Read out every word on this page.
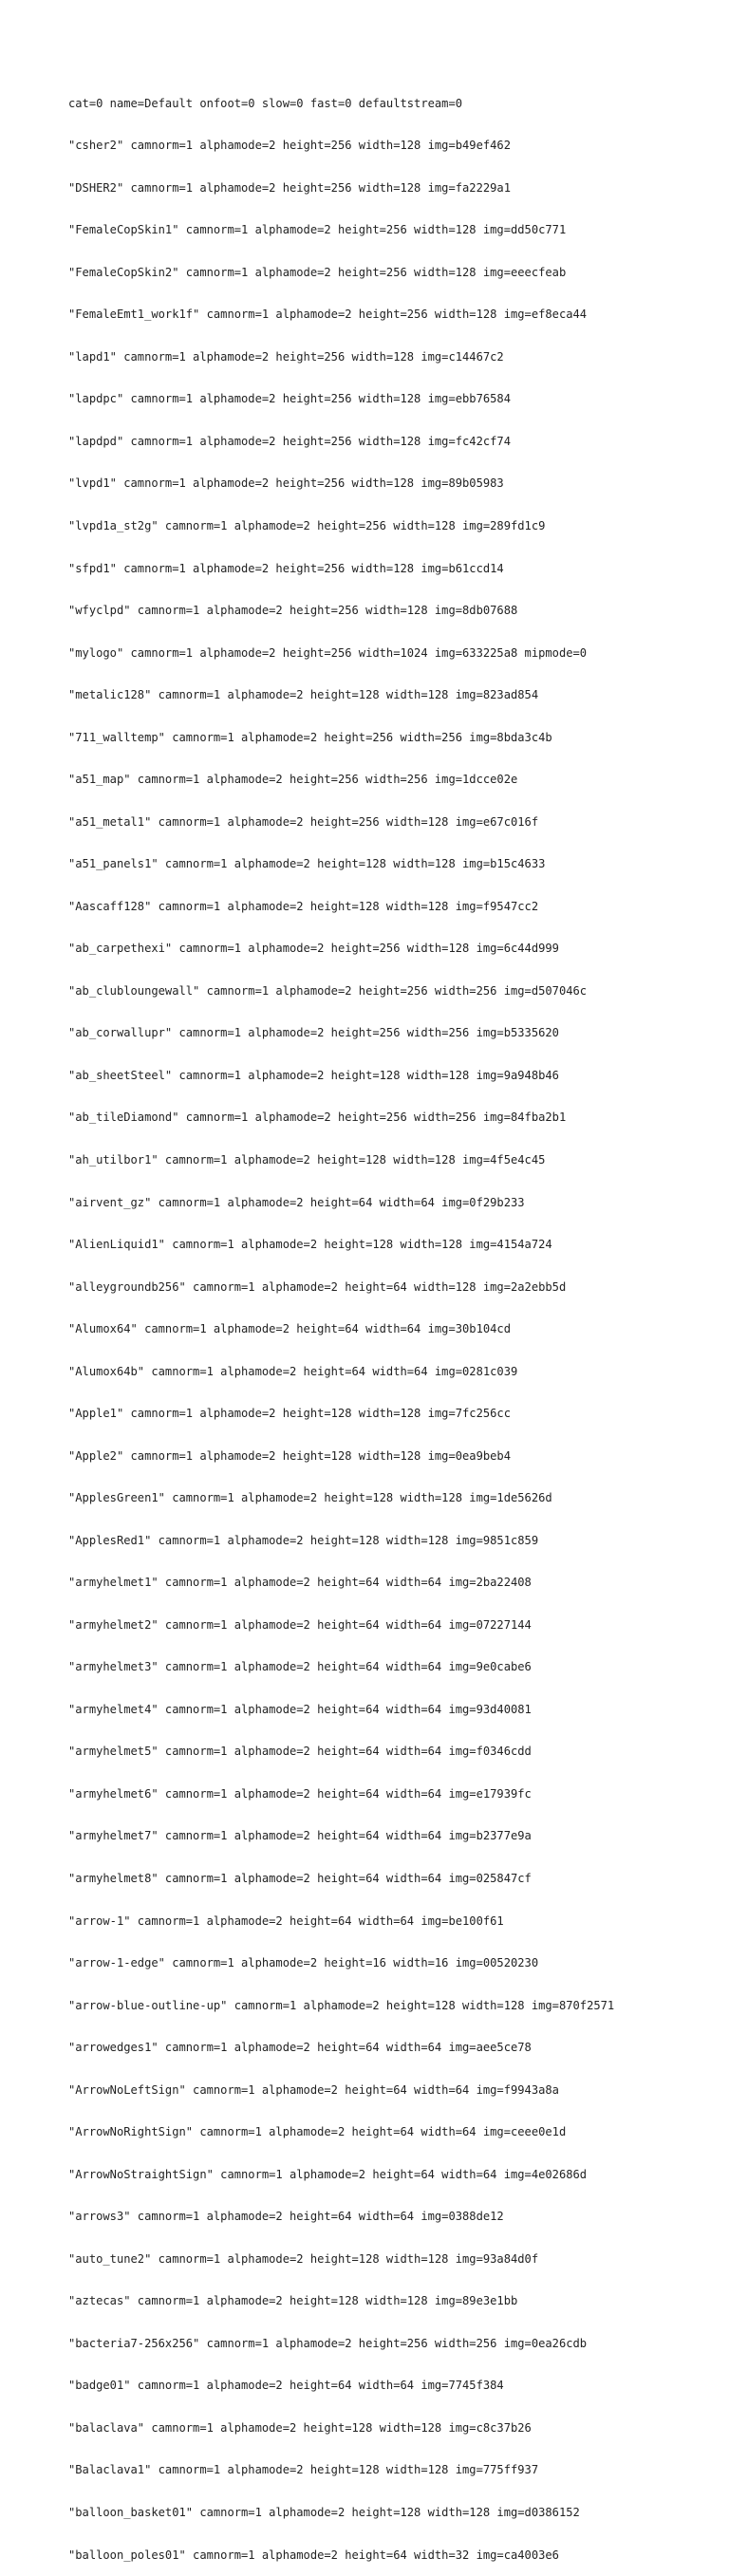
cat=0 name=Default onfoot=0 slow=0 fast=0 defaultstream=0

"csher2" camnorm=1 alphamode=2 height=256 width=128 img=b49ef462

"DSHER2" camnorm=1 alphamode=2 height=256 width=128 img=fa2229a1

"FemaleCopSkin1" camnorm=1 alphamode=2 height=256 width=128 img=dd50c771

"FemaleCopSkin2" camnorm=1 alphamode=2 height=256 width=128 img=eeecfeab

"FemaleEmt1_work1f" camnorm=1 alphamode=2 height=256 width=128 img=ef8eca44

"lapd1" camnorm=1 alphamode=2 height=256 width=128 img=c14467c2

"lapdpc" camnorm=1 alphamode=2 height=256 width=128 img=ebb76584

"lapdpd" camnorm=1 alphamode=2 height=256 width=128 img=fc42cf74

"lvpd1" camnorm=1 alphamode=2 height=256 width=128 img=89b05983

"lvpd1a_st2g" camnorm=1 alphamode=2 height=256 width=128 img=289fd1c9

"sfpd1" camnorm=1 alphamode=2 height=256 width=128 img=b61ccd14

"wfyclpd" camnorm=1 alphamode=2 height=256 width=128 img=8db07688

"mylogo" camnorm=1 alphamode=2 height=256 width=1024 img=633225a8 mipmode=0

"metalic128" camnorm=1 alphamode=2 height=128 width=128 img=823ad854

"711_walltemp" camnorm=1 alphamode=2 height=256 width=256 img=8bda3c4b

"a51_map" camnorm=1 alphamode=2 height=256 width=256 img=1dcce02e

"a51_metal1" camnorm=1 alphamode=2 height=256 width=128 img=e67c016f

"a51_panels1" camnorm=1 alphamode=2 height=128 width=128 img=b15c4633

"Aascaff128" camnorm=1 alphamode=2 height=128 width=128 img=f9547cc2

"ab_carpethexi" camnorm=1 alphamode=2 height=256 width=128 img=6c44d999

"ab_clubloungewall" camnorm=1 alphamode=2 height=256 width=256 img=d507046c

"ab_corwallupr" camnorm=1 alphamode=2 height=256 width=256 img=b5335620

"ab_sheetSteel" camnorm=1 alphamode=2 height=128 width=128 img=9a948b46

"ab_tileDiamond" camnorm=1 alphamode=2 height=256 width=256 img=84fba2b1

"ah_utilbor1" camnorm=1 alphamode=2 height=128 width=128 img=4f5e4c45

"airvent_gz" camnorm=1 alphamode=2 height=64 width=64 img=0f29b233

"AlienLiquid1" camnorm=1 alphamode=2 height=128 width=128 img=4154a724

"alleygroundb256" camnorm=1 alphamode=2 height=64 width=128 img=2a2ebb5d

"Alumox64" camnorm=1 alphamode=2 height=64 width=64 img=30b104cd

"Alumox64b" camnorm=1 alphamode=2 height=64 width=64 img=0281c039

"Apple1" camnorm=1 alphamode=2 height=128 width=128 img=7fc256cc

"Apple2" camnorm=1 alphamode=2 height=128 width=128 img=0ea9beb4

"ApplesGreen1" camnorm=1 alphamode=2 height=128 width=128 img=1de5626d

"ApplesRed1" camnorm=1 alphamode=2 height=128 width=128 img=9851c859

"armyhelmet1" camnorm=1 alphamode=2 height=64 width=64 img=2ba22408

"armyhelmet2" camnorm=1 alphamode=2 height=64 width=64 img=07227144

"armyhelmet3" camnorm=1 alphamode=2 height=64 width=64 img=9e0cabe6

"armyhelmet4" camnorm=1 alphamode=2 height=64 width=64 img=93d40081

"armyhelmet5" camnorm=1 alphamode=2 height=64 width=64 img=f0346cdd

"armyhelmet6" camnorm=1 alphamode=2 height=64 width=64 img=e17939fc

"armyhelmet7" camnorm=1 alphamode=2 height=64 width=64 img=b2377e9a

"armyhelmet8" camnorm=1 alphamode=2 height=64 width=64 img=025847cf

"arrow-1" camnorm=1 alphamode=2 height=64 width=64 img=be100f61

"arrow-1-edge" camnorm=1 alphamode=2 height=16 width=16 img=00520230

"arrow-blue-outline-up" camnorm=1 alphamode=2 height=128 width=128 img=870f2571

"arrowedges1" camnorm=1 alphamode=2 height=64 width=64 img=aee5ce78

"ArrowNoLeftSign" camnorm=1 alphamode=2 height=64 width=64 img=f9943a8a

"ArrowNoRightSign" camnorm=1 alphamode=2 height=64 width=64 img=ceee0e1d

"ArrowNoStraightSign" camnorm=1 alphamode=2 height=64 width=64 img=4e02686d

"arrows3" camnorm=1 alphamode=2 height=64 width=64 img=0388de12

"auto_tune2" camnorm=1 alphamode=2 height=128 width=128 img=93a84d0f

"aztecas" camnorm=1 alphamode=2 height=128 width=128 img=89e3e1bb

"bacteria7-256x256" camnorm=1 alphamode=2 height=256 width=256 img=0ea26cdb

"badge01" camnorm=1 alphamode=2 height=64 width=64 img=7745f384

"balaclava" camnorm=1 alphamode=2 height=128 width=128 img=c8c37b26

"Balaclava1" camnorm=1 alphamode=2 height=128 width=128 img=775ff937

"balloon_basket01" camnorm=1 alphamode=2 height=128 width=128 img=d0386152

"balloon_poles01" camnorm=1 alphamode=2 height=64 width=32 img=ca4003e6
